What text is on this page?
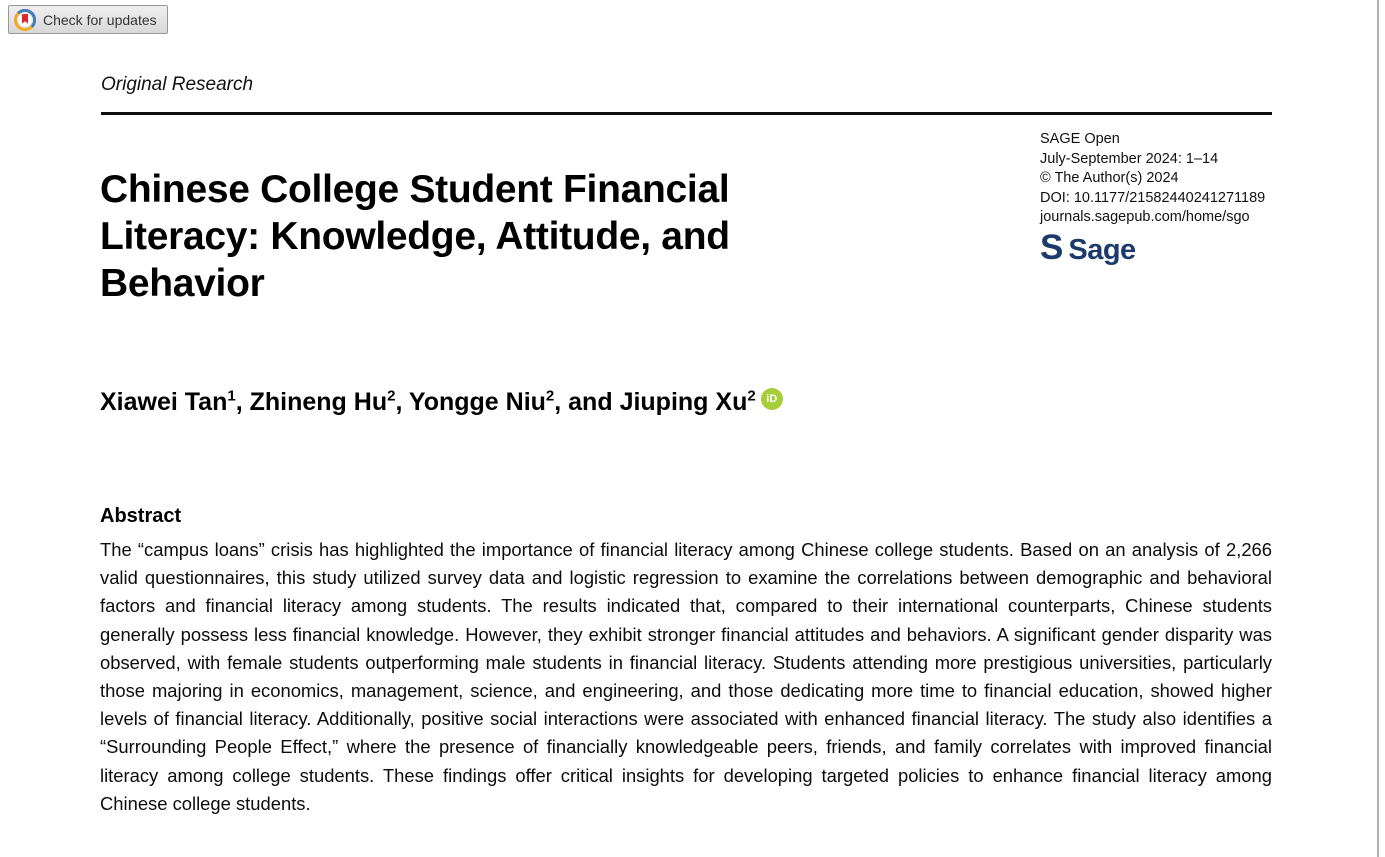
Check for updates
Original Research
Chinese College Student Financial
Literacy: Knowledge, Attitude, and
Behavior
SAGE Open
July-September 2024: 1–14
© The Author(s) 2024
DOI: 10.1177/21582440241271189
journals.sagepub.com/home/sgo
S Sage
Xiawei Tan$^1$, Zhineng Hu$^2$, Yongge Niu$^2$, and Jiuping Xu$^2$ iD
Abstract

The “campus loans” crisis has highlighted the importance of financial literacy among Chinese college students. Based on an analysis of 2,266 valid questionnaires, this study utilized survey data and logistic regression to examine the correlations between demographic and behavioral factors and financial literacy among students. The results indicated that, compared to their international counterparts, Chinese students generally possess less financial knowledge. However, they exhibit stronger financial attitudes and behaviors. A significant gender disparity was observed, with female students outperforming male students in financial literacy. Students attending more prestigious universities, particularly those majoring in economics, management, science, and engineering, and those dedicating more time to financial education, showed higher levels of financial literacy. Additionally, positive social interactions were associated with enhanced financial literacy. The study also identifies a “Surrounding People Effect,” where the presence of financially knowledgeable peers, friends, and family correlates with improved financial literacy among college students. These findings offer critical insights for developing targeted policies to enhance financial literacy among Chinese college students.
